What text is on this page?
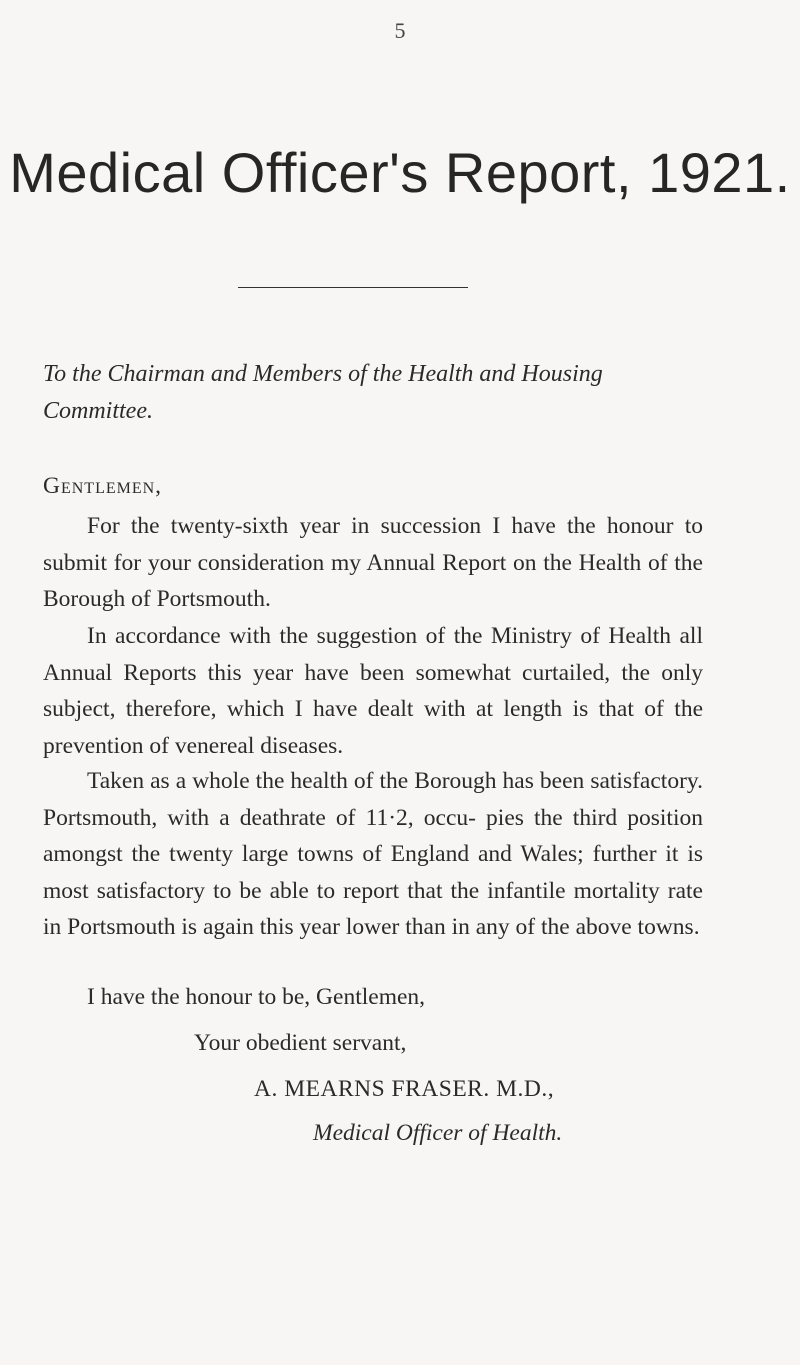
5
Medical Officer's Report, 1921.
To the Chairman and Members of the Health and Housing
Committee.
Gentlemen,
For the twenty-sixth year in succession I have the honour to submit for your consideration my Annual Report on the Health of the Borough of Portsmouth.
In accordance with the suggestion of the Ministry of Health all Annual Reports this year have been somewhat curtailed, the only subject, therefore, which I have dealt with at length is that of the prevention of venereal diseases.
Taken as a whole the health of the Borough has been satisfactory. Portsmouth, with a deathrate of 11·2, occu- pies the third position amongst the twenty large towns of England and Wales; further it is most satisfactory to be able to report that the infantile mortality rate in Portsmouth is again this year lower than in any of the above towns.
I have the honour to be, Gentlemen,
Your obedient servant,
A. MEARNS FRASER. M.D.,
Medical Officer of Health.
